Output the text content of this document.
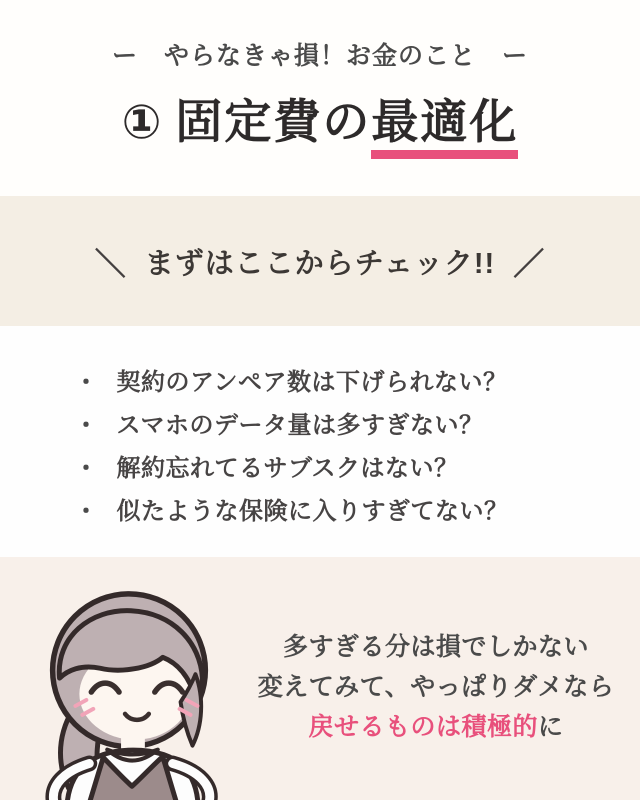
ー やらなきゃ損！お金のこと ー
① 固定費の最適化
＼ まずはここからチェック!! ／
・ 契約のアンペア数は下げられない？
・ スマホのデータ量は多すぎない？
・ 解約忘れてるサブスクはない？
・ 似たような保険に入りすぎてない？
多すぎる分は損でしかない
変えてみて、やっぱりダメなら
戻せるものは積極的に
